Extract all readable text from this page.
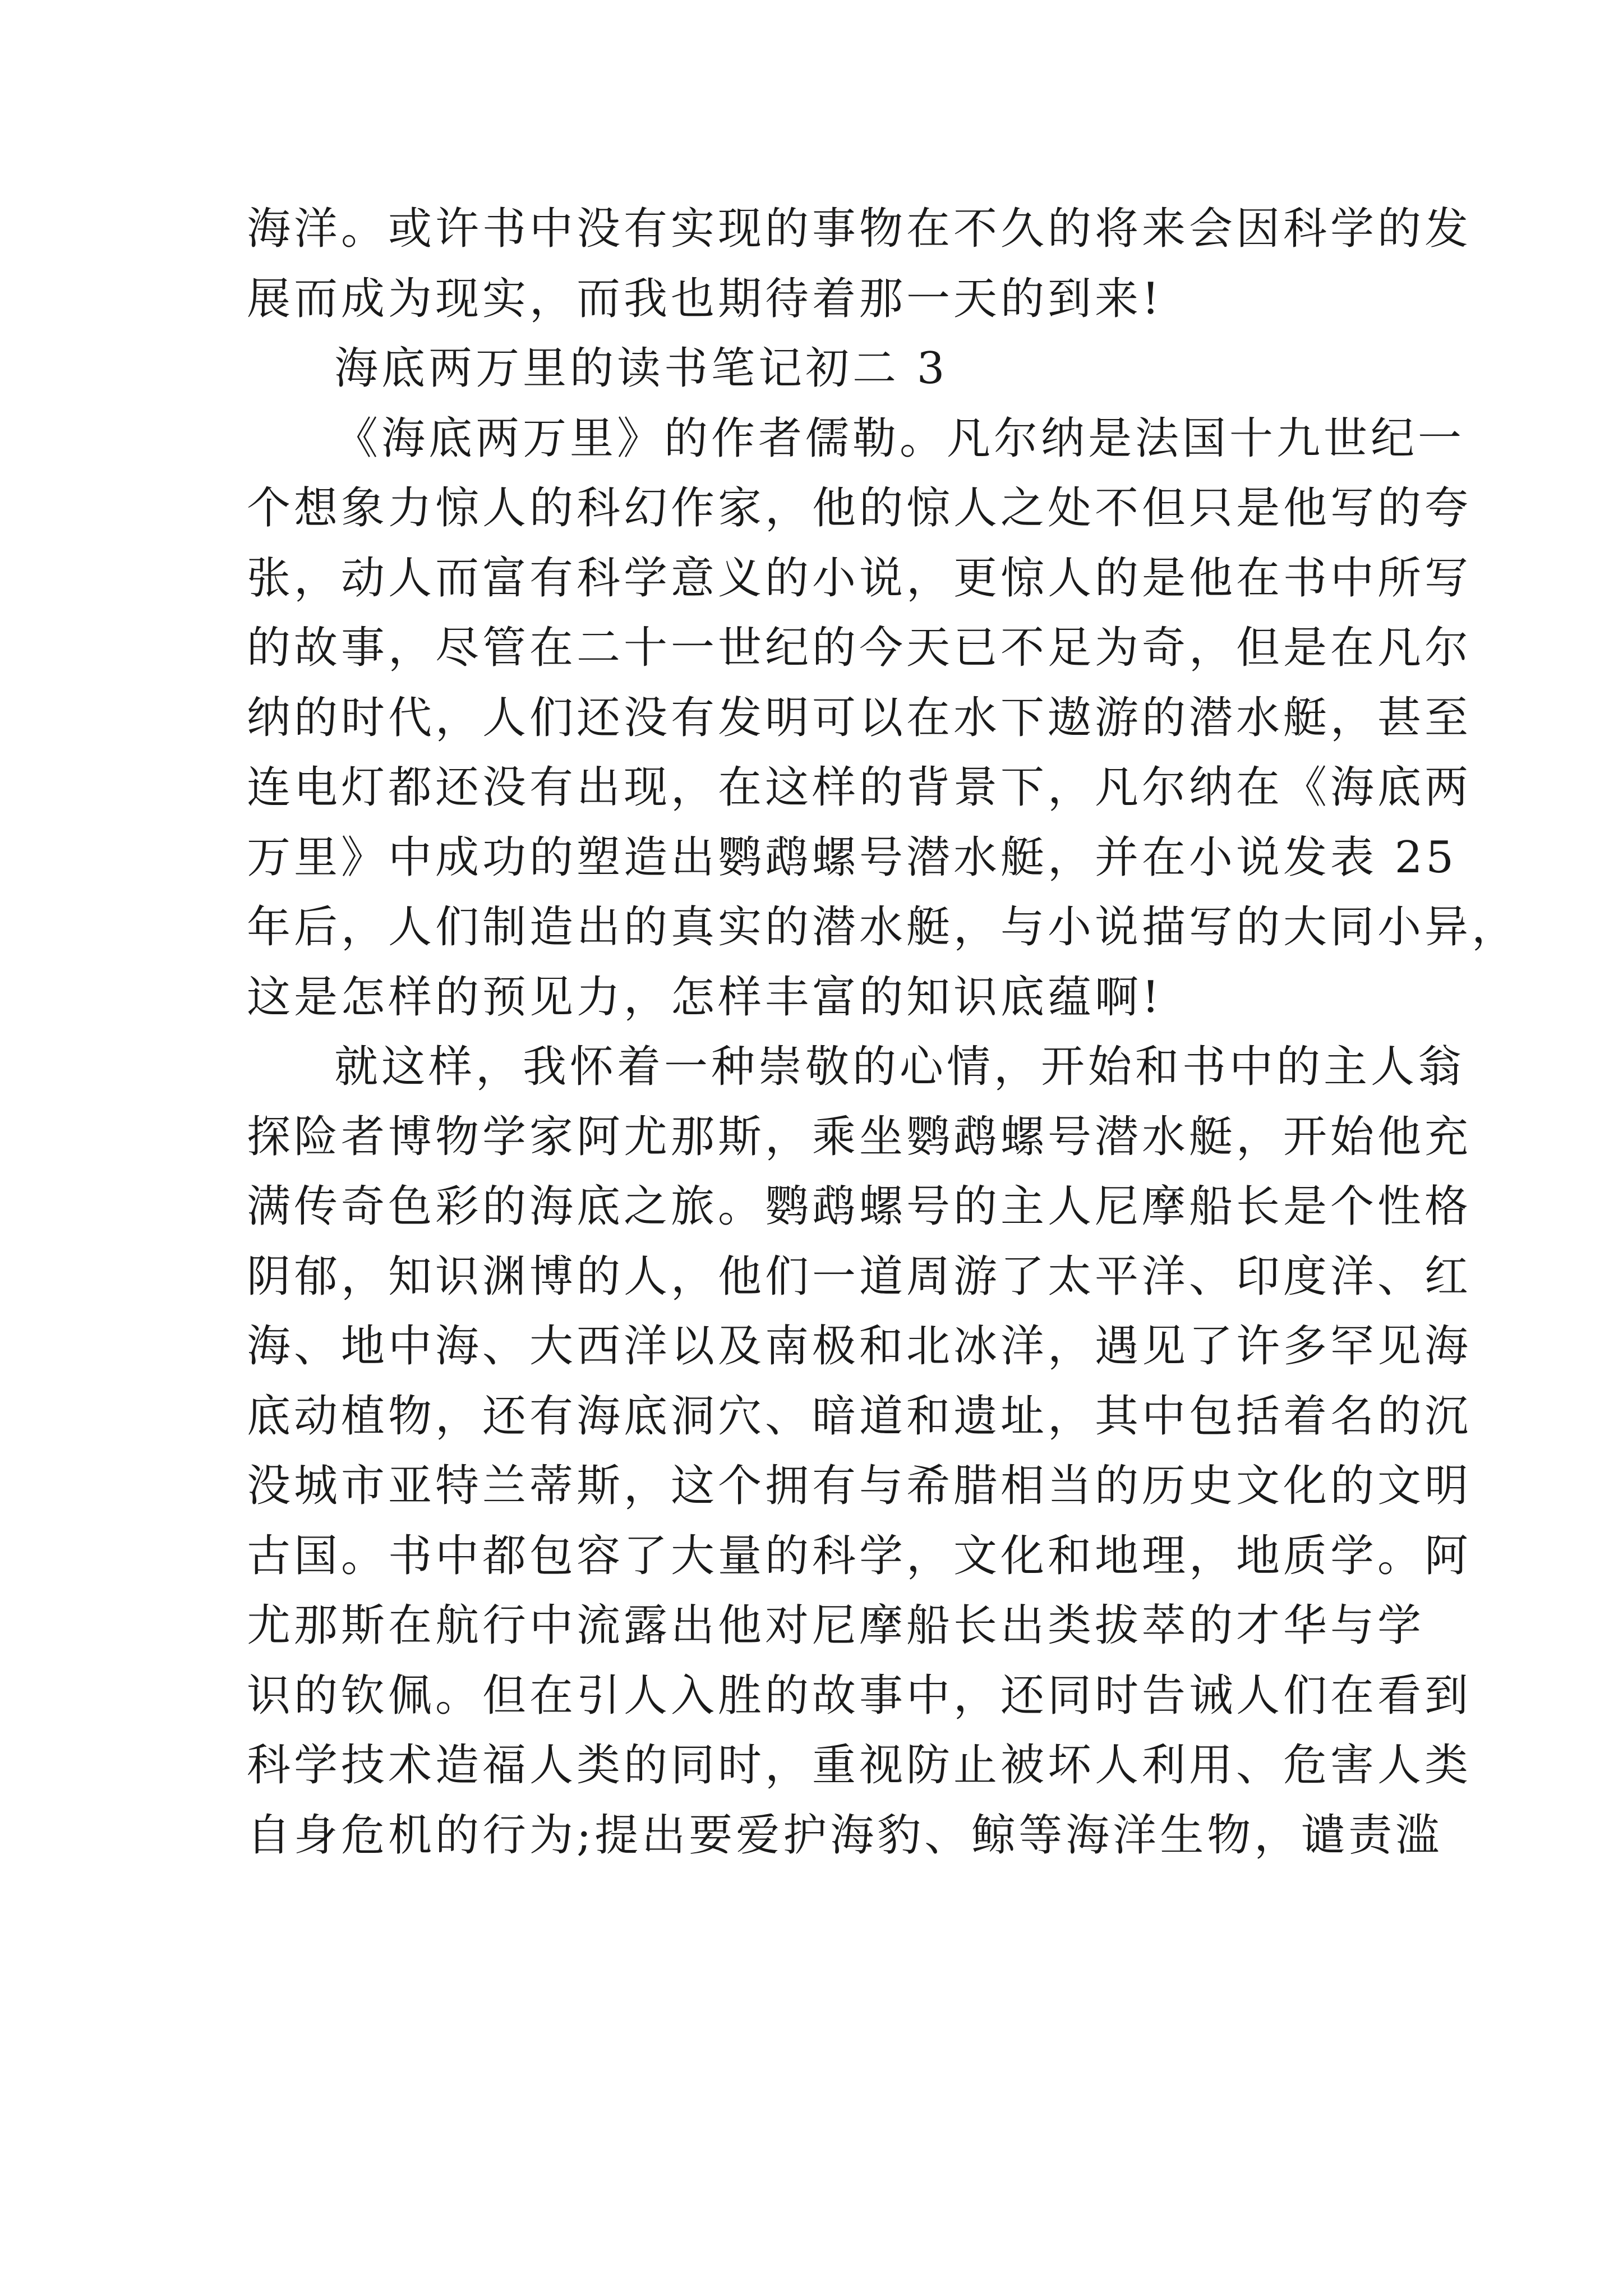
海洋。或许书中没有实现的事物在不久的将来会因科学的发
展而成为现实，而我也期待着那一天的到来!
海底两万里的读书笔记初二 3
《海底两万里》的作者儒勒。凡尔纳是法国十九世纪一
个想象力惊人的科幻作家，他的惊人之处不但只是他写的夸
张，动人而富有科学意义的小说，更惊人的是他在书中所写
的故事，尽管在二十一世纪的今天已不足为奇，但是在凡尔
纳的时代，人们还没有发明可以在水下遨游的潜水艇，甚至
连电灯都还没有出现，在这样的背景下，凡尔纳在《海底两
万里》中成功的塑造出鹦鹉螺号潜水艇，并在小说发表 25
年后，人们制造出的真实的潜水艇，与小说描写的大同小异，
这是怎样的预见力，怎样丰富的知识底蕴啊!
就这样，我怀着一种崇敬的心情，开始和书中的主人翁
探险者博物学家阿尤那斯，乘坐鹦鹉螺号潜水艇，开始他充
满传奇色彩的海底之旅。鹦鹉螺号的主人尼摩船长是个性格
阴郁，知识渊博的人，他们一道周游了太平洋、印度洋、红
海、地中海、大西洋以及南极和北冰洋，遇见了许多罕见海
底动植物，还有海底洞穴、暗道和遗址，其中包括着名的沉
没城市亚特兰蒂斯，这个拥有与希腊相当的历史文化的文明
古国。书中都包容了大量的科学，文化和地理，地质学。阿
尤那斯在航行中流露出他对尼摩船长出类拔萃的才华与学
识的钦佩。但在引人入胜的故事中，还同时告诫人们在看到
科学技术造福人类的同时，重视防止被坏人利用、危害人类
自身危机的行为;提出要爱护海豹、鲸等海洋生物，谴责滥
